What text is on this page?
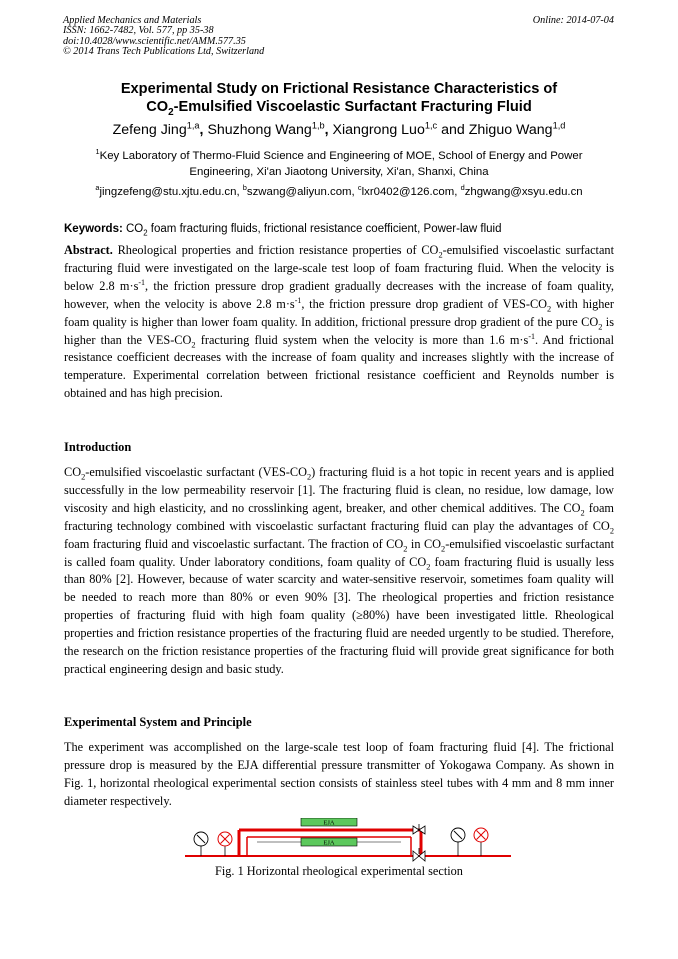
Applied Mechanics and Materials
ISSN: 1662-7482, Vol. 577, pp 35-38
doi:10.4028/www.scientific.net/AMM.577.35
© 2014 Trans Tech Publications Ltd, Switzerland
Online: 2014-07-04
Experimental Study on Frictional Resistance Characteristics of
$CO_2$-Emulsified Viscoelastic Surfactant Fracturing Fluid
Zefeng Jing$^{1,a}$, Shuzhong Wang$^{1,b}$, Xiangrong Luo$^{1,c}$ and Zhiguo Wang$^{1,d}$
$^1$Key Laboratory of Thermo-Fluid Science and Engineering of MOE, School of Energy and Power
Engineering, Xi'an Jiaotong University, Xi'an, Shanxi, China
$^a$jingzefeng@stu.xjtu.edu.cn, $^b$szwang@aliyun.com, $^c$lxr0402@126.com, $^d$zhgwang@xsyu.edu.cn
Keywords: $CO_2$ foam fracturing fluids, frictional resistance coefficient, Power-law fluid
Abstract. Rheological properties and friction resistance properties of $CO_2$-emulsified viscoelastic surfactant fracturing fluid were investigated on the large-scale test loop of foam fracturing fluid. When the velocity is below 2.8 $m\cdot s^{-1}$, the friction pressure drop gradient gradually decreases with the increase of foam quality, however, when the velocity is above 2.8 $m\cdot s^{-1}$, the friction pressure drop gradient of VES-$CO_2$ with higher foam quality is higher than lower foam quality. In addition, frictional pressure drop gradient of the pure $CO_2$ is higher than the VES-$CO_2$ fracturing fluid system when the velocity is more than 1.6 $m\cdot s^{-1}$. And frictional resistance coefficient decreases with the increase of foam quality and increases slightly with the increase of temperature. Experimental correlation between frictional resistance coefficient and Reynolds number is obtained and has high precision.
Introduction
$CO_2$-emulsified viscoelastic surfactant $(VES-CO_2)$ fracturing fluid is a hot topic in recent years and is applied successfully in the low permeability reservoir [1]. The fracturing fluid is clean, no residue, low damage, low viscosity and high elasticity, and no crosslinking agent, breaker, and other chemical additives. The $CO_2$ foam fracturing technology combined with viscoelastic surfactant fracturing fluid can play the advantages of $CO_2$ foam fracturing fluid and viscoelastic surfactant. The fraction of $CO_2$ in $CO_2$-emulsified viscoelastic surfactant is called foam quality. Under laboratory conditions, foam quality of $CO_2$ foam fracturing fluid is usually less than 80% [2]. However, because of water scarcity and water-sensitive reservoir, sometimes foam quality will be needed to reach more than 80% or even 90% [3]. The rheological properties and friction resistance properties of fracturing fluid with high foam quality (≥80%) have been investigated little. Rheological properties and friction resistance properties of the fracturing fluid are needed urgently to be studied. Therefore, the research on the friction resistance properties of the fracturing fluid will provide great significance for both practical engineering design and basic study.
Experimental System and Principle
The experiment was accomplished on the large-scale test loop of foam fracturing fluid [4]. The frictional pressure drop is measured by the EJA differential pressure transmitter of Yokogawa Company. As shown in Fig. 1, horizontal rheological experimental section consists of stainless steel tubes with 4 mm and 8 mm inner diameter respectively.
EJA
EJA
Fig. 1 Horizontal rheological experimental section
